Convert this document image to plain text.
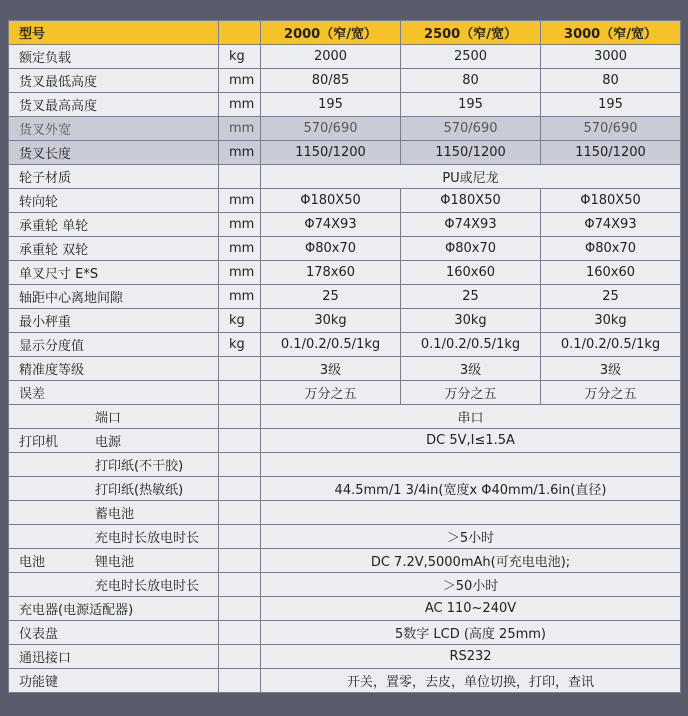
型号		2000（窄/宽）	2500（窄/宽）	3000（窄/宽）
额定负载	kg	2000	2500	3000
货叉最低高度	mm	80/85	80	80
货叉最高高度	mm	195	195	195
货叉外宽	mm	570/690	570/690	570/690
货叉长度	mm	1150/1200	1150/1200	1150/1200
轮子材质		PU或尼龙		
转向轮	mm	Φ180X50	Φ180X50	Φ180X50
承重轮 单轮	mm	Φ74X93	Φ74X93	Φ74X93
承重轮 双轮	mm	Φ80x70	Φ80x70	Φ80x70
单叉尺寸 E*S	mm	178x60	160x60	160x60
轴距中心离地间隙	mm	25	25	25
最小秤重	kg	30kg	30kg	30kg
显示分度值	kg	0.1/0.2/0.5/1kg	0.1/0.2/0.5/1kg	0.1/0.2/0.5/1kg
精准度等级		3级	3级	3级
误差		万分之五	万分之五	万分之五
端口		串口		
打印机 电源		DC 5V,I≤1.5A		
打印纸(不干胶)				
打印纸(热敏纸)		44.5mm/1 3/4in(宽度x Φ40mm/1.6in(直径)		
蓄电池				
充电时长放电时长		＞5小时		
电池 锂电池		DC 7.2V,5000mAh(可充电电池);		
充电时长放电时长		＞50小时		
充电器(电源适配器)		AC 110~240V		
仪表盘		5数字 LCD (高度 25mm)		
通迅接口		RS232		
功能键		开关，置零，去皮，单位切换，打印，查讯		
